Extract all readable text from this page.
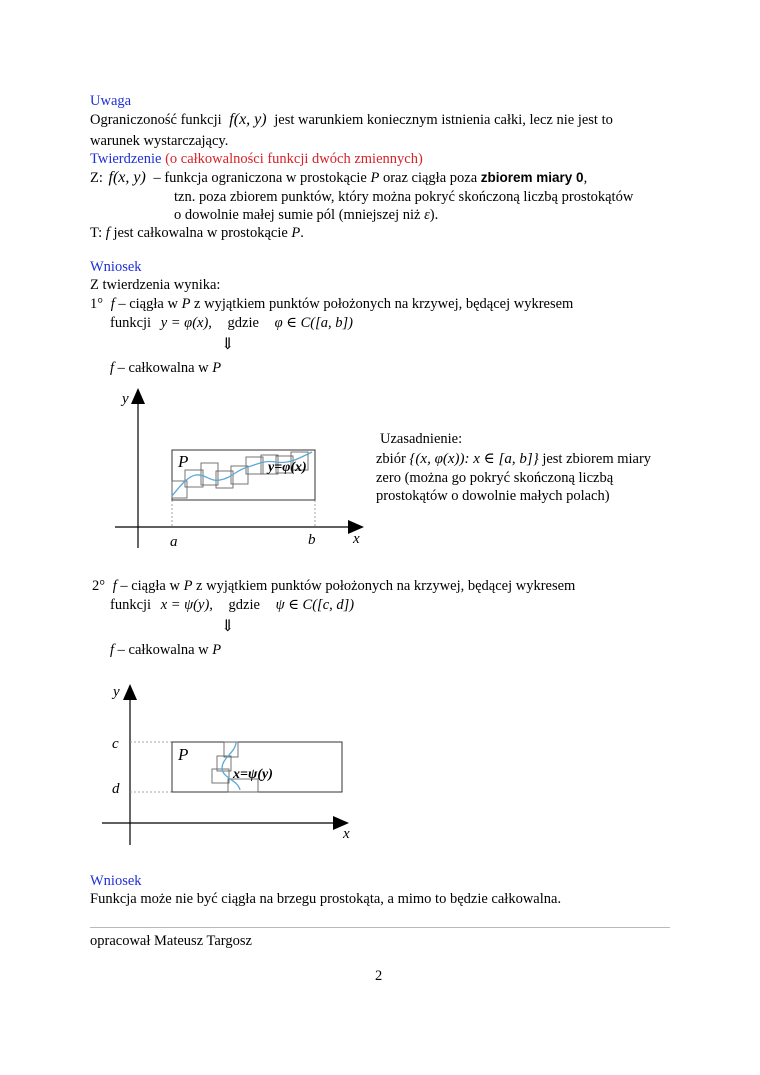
Uwaga
Ograniczoność funkcji f(x, y) jest warunkiem koniecznym istnienia całki, lecz nie jest to
warunek wystarczający.
Twierdzenie (o całkowalności funkcji dwóch zmiennych)
Z: f(x, y) – funkcja ograniczona w prostokącie P oraz ciągła poza zbiorem miary 0,
tzn. poza zbiorem punktów, który można pokryć skończoną liczbą prostokątów
o dowolnie małej sumie pól (mniejszej niż ε).
T: f jest całkowalna w prostokącie P.
Wniosek
Z twierdzenia wynika:
1° f – ciągła w P z wyjątkiem punktów położonych na krzywej, będącej wykresem
funkcji y = φ(x), gdzie φ ∈ C([a, b])
⇓
f – całkowalna w P
y
x
P	y=φ(x)
a	b
Uzasadnienie:
zbiór {(x, φ(x)): x ∈ [a, b]} jest zbiorem miary
zero (można go pokryć skończoną liczbą
prostokątów o dowolnie małych polach)
2° f – ciągła w P z wyjątkiem punktów położonych na krzywej, będącej wykresem
funkcji x = ψ(y), gdzie ψ ∈ C([c, d])
⇓
f – całkowalna w P
y
x
P
x=ψ(y)
c
d
Wniosek
Funkcja może nie być ciągła na brzegu prostokąta, a mimo to będzie całkowalna.
opracował Mateusz Targosz
2
